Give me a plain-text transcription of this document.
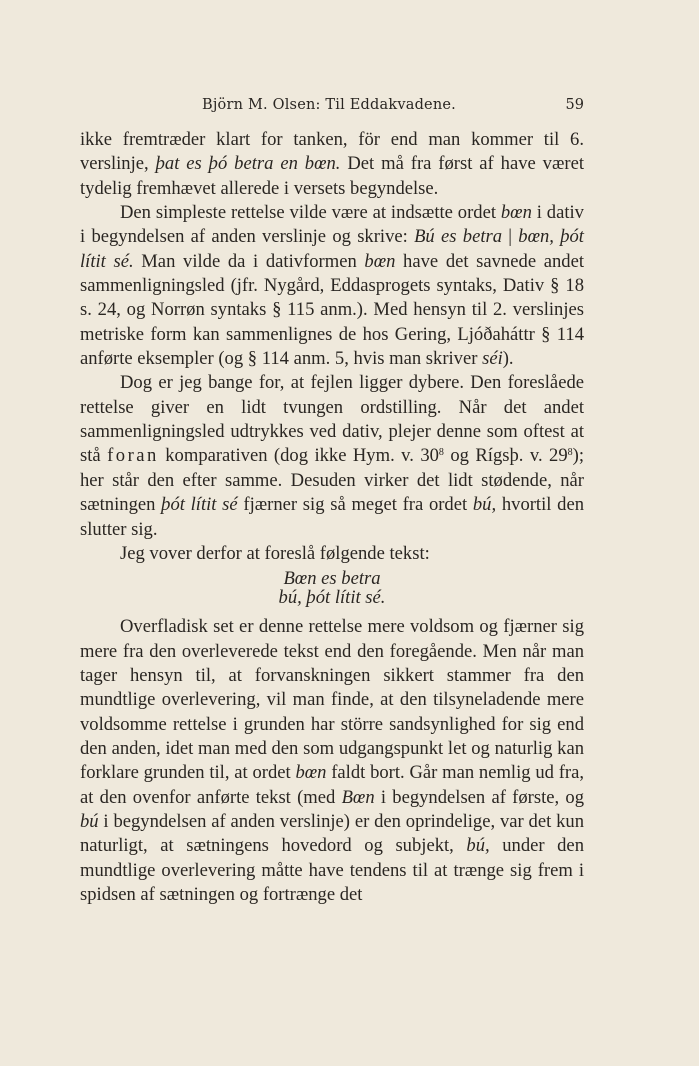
Björn M. Olsen: Til Eddakvadene.	59

ikke fremtræder klart for tanken, för end man kommer til 6. verslinje, þat es þó betra en bœn. Det må fra først af have været tydelig fremhævet allerede i versets begyndelse.

Den simpleste rettelse vilde være at indsætte ordet bœn i dativ i begyndelsen af anden verslinje og skrive: Bú es betra | bœn, þót lítit sé. Man vilde da i dativformen bœn have det savnede andet sammenligningsled (jfr. Nygård, Eddasprogets syntaks, Dativ § 18 s. 24, og Norrøn syntaks § 115 anm.). Med hensyn til 2. verslinjes metriske form kan sammenlignes de hos Gering, Ljóðaháttr § 114 anførte eksempler (og § 114 anm. 5, hvis man skriver séi).

Dog er jeg bange for, at fejlen ligger dybere. Den foreslåede rettelse giver en lidt tvungen ordstilling. Når det andet sammenligningsled udtrykkes ved dativ, plejer denne som oftest at stå foran komparativen (dog ikke Hym. v. $30^8$ og Rígsþ. v. $29^8$); her står den efter samme. Desuden virker det lidt stødende, når sætningen þót lítit sé fjærner sig så meget fra ordet bú, hvortil den slutter sig.

Jeg vover derfor at foreslå følgende tekst:

Bœn es betra
bú, þót lítit sé.

Overfladisk set er denne rettelse mere voldsom og fjærner sig mere fra den overleverede tekst end den foregående. Men når man tager hensyn til, at forvanskningen sikkert stammer fra den mundtlige overlevering, vil man finde, at den tilsyneladende mere voldsomme rettelse i grunden har större sandsynlighed for sig end den anden, idet man med den som udgangspunkt let og naturlig kan forklare grunden til, at ordet bœn faldt bort. Går man nemlig ud fra, at den ovenfor anførte tekst (med Bœn i begyndelsen af første, og bú i begyndelsen af anden verslinje) er den oprindelige, var det kun naturligt, at sætningens hovedord og subjekt, bú, under den mundtlige overlevering måtte have tendens til at trænge sig frem i spidsen af sætningen og fortrænge det
